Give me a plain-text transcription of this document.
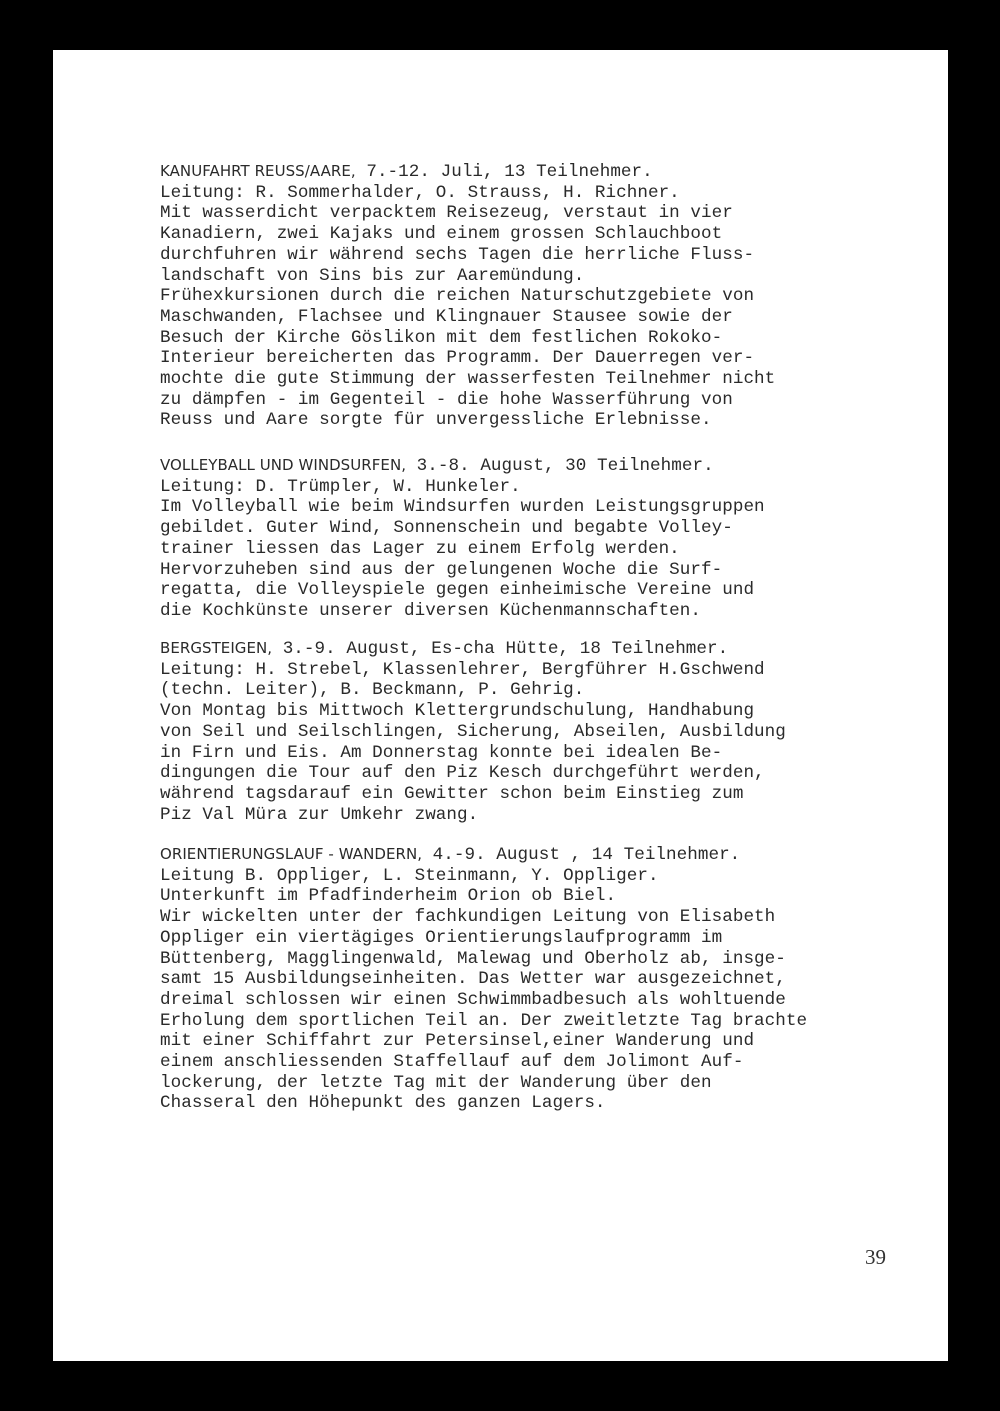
KANUFAHRT REUSS/AARE, 7.-12. Juli, 13 Teilnehmer.
Leitung: R. Sommerhalder, O. Strauss, H. Richner.
Mit wasserdicht verpacktem Reisezeug, verstaut in vier
Kanadiern, zwei Kajaks und einem grossen Schlauchboot
durchfuhren wir während sechs Tagen die herrliche Fluss-
landschaft von Sins bis zur Aaremündung.
Frühexkursionen durch die reichen Naturschutzgebiete von
Maschwanden, Flachsee und Klingnauer Stausee sowie der
Besuch der Kirche Göslikon mit dem festlichen Rokoko-
Interieur bereicherten das Programm. Der Dauerregen ver-
mochte die gute Stimmung der wasserfesten Teilnehmer nicht
zu dämpfen - im Gegenteil - die hohe Wasserführung von
Reuss und Aare sorgte für unvergessliche Erlebnisse.
VOLLEYBALL UND WINDSURFEN, 3.-8. August, 30 Teilnehmer.
Leitung: D. Trümpler, W. Hunkeler.
Im Volleyball wie beim Windsurfen wurden Leistungsgruppen
gebildet. Guter Wind, Sonnenschein und begabte Volley-
trainer liessen das Lager zu einem Erfolg werden.
Hervorzuheben sind aus der gelungenen Woche die Surf-
regatta, die Volleyspiele gegen einheimische Vereine und
die Kochkünste unserer diversen Küchenmannschaften.
BERGSTEIGEN, 3.-9. August, Es-cha Hütte, 18 Teilnehmer.
Leitung: H. Strebel, Klassenlehrer, Bergführer H.Gschwend
(techn. Leiter), B. Beckmann, P. Gehrig.
Von Montag bis Mittwoch Klettergrundschulung, Handhabung
von Seil und Seilschlingen, Sicherung, Abseilen, Ausbildung
in Firn und Eis. Am Donnerstag konnte bei idealen Be-
dingungen die Tour auf den Piz Kesch durchgeführt werden,
während tagsdarauf ein Gewitter schon beim Einstieg zum
Piz Val Müra zur Umkehr zwang.
ORIENTIERUNGSLAUF - WANDERN, 4.-9. August , 14 Teilnehmer.
Leitung B. Oppliger, L. Steinmann, Y. Oppliger.
Unterkunft im Pfadfinderheim Orion ob Biel.
Wir wickelten unter der fachkundigen Leitung von Elisabeth
Oppliger ein viertägiges Orientierungslaufprogramm im
Büttenberg, Magglingenwald, Malewag und Oberholz ab, insge-
samt 15 Ausbildungseinheiten. Das Wetter war ausgezeichnet,
dreimal schlossen wir einen Schwimmbadbesuch als wohltuende
Erholung dem sportlichen Teil an. Der zweitletzte Tag brachte
mit einer Schiffahrt zur Petersinsel,einer Wanderung und
einem anschliessenden Staffellauf auf dem Jolimont Auf-
lockerung, der letzte Tag mit der Wanderung über den
Chasseral den Höhepunkt des ganzen Lagers.
39
